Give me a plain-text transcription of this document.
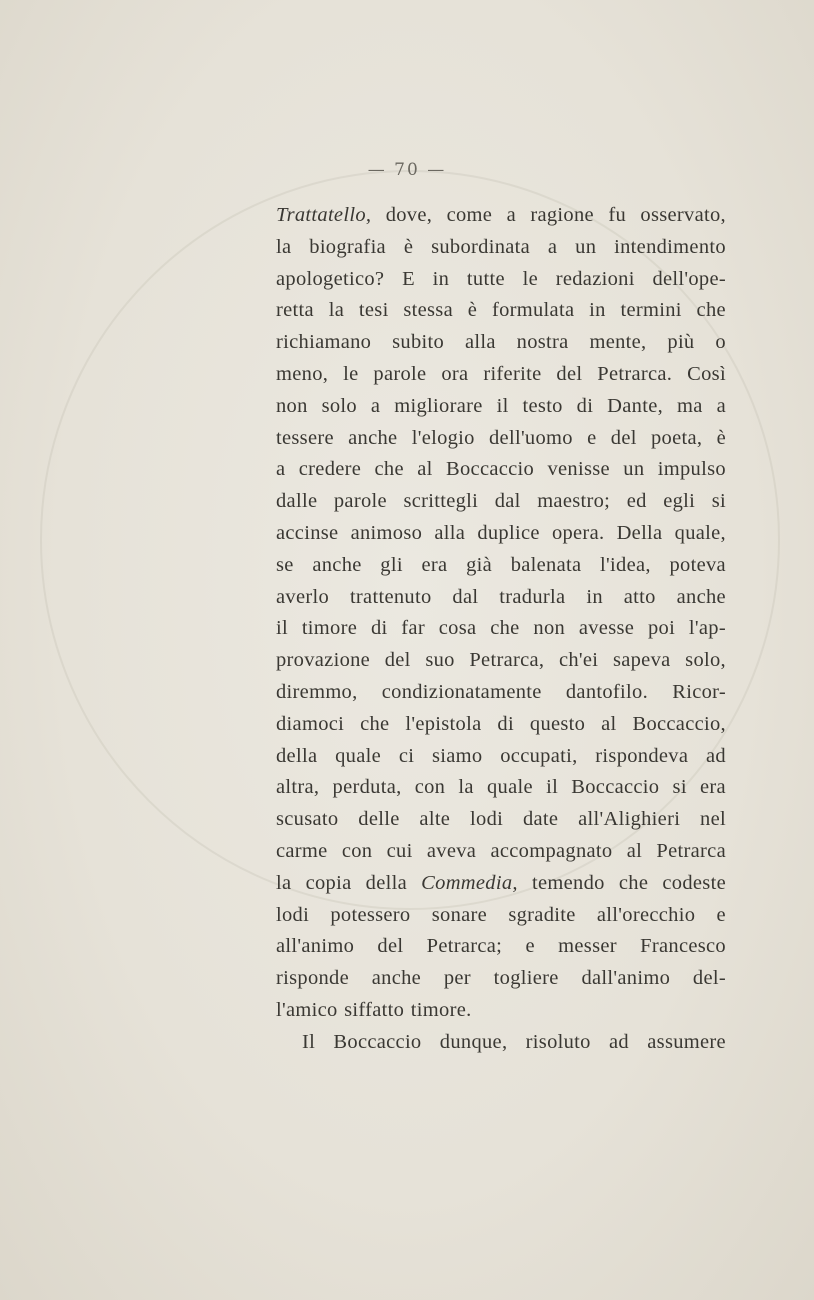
— 70 —
Trattatello, dove, come a ragione fu osservato,
la biografia è subordinata a un intendimento
apologetico? E in tutte le redazioni dell'ope-
retta la tesi stessa è formulata in termini che
richiamano subito alla nostra mente, più o
meno, le parole ora riferite del Petrarca. Così
non solo a migliorare il testo di Dante, ma a
tessere anche l'elogio dell'uomo e del poeta, è
a credere che al Boccaccio venisse un impulso
dalle parole scrittegli dal maestro; ed egli si
accinse animoso alla duplice opera. Della quale,
se anche gli era già balenata l'idea, poteva
averlo trattenuto dal tradurla in atto anche
il timore di far cosa che non avesse poi l'ap-
provazione del suo Petrarca, ch'ei sapeva solo,
diremmo, condizionatamente dantofilo. Ricor-
diamoci che l'epistola di questo al Boccaccio,
della quale ci siamo occupati, rispondeva ad
altra, perduta, con la quale il Boccaccio si era
scusato delle alte lodi date all'Alighieri nel
carme con cui aveva accompagnato al Petrarca
la copia della Commedia, temendo che codeste
lodi potessero sonare sgradite all'orecchio e
all'animo del Petrarca; e messer Francesco
risponde anche per togliere dall'animo del-
l'amico siffatto timore.
Il Boccaccio dunque, risoluto ad assumere
